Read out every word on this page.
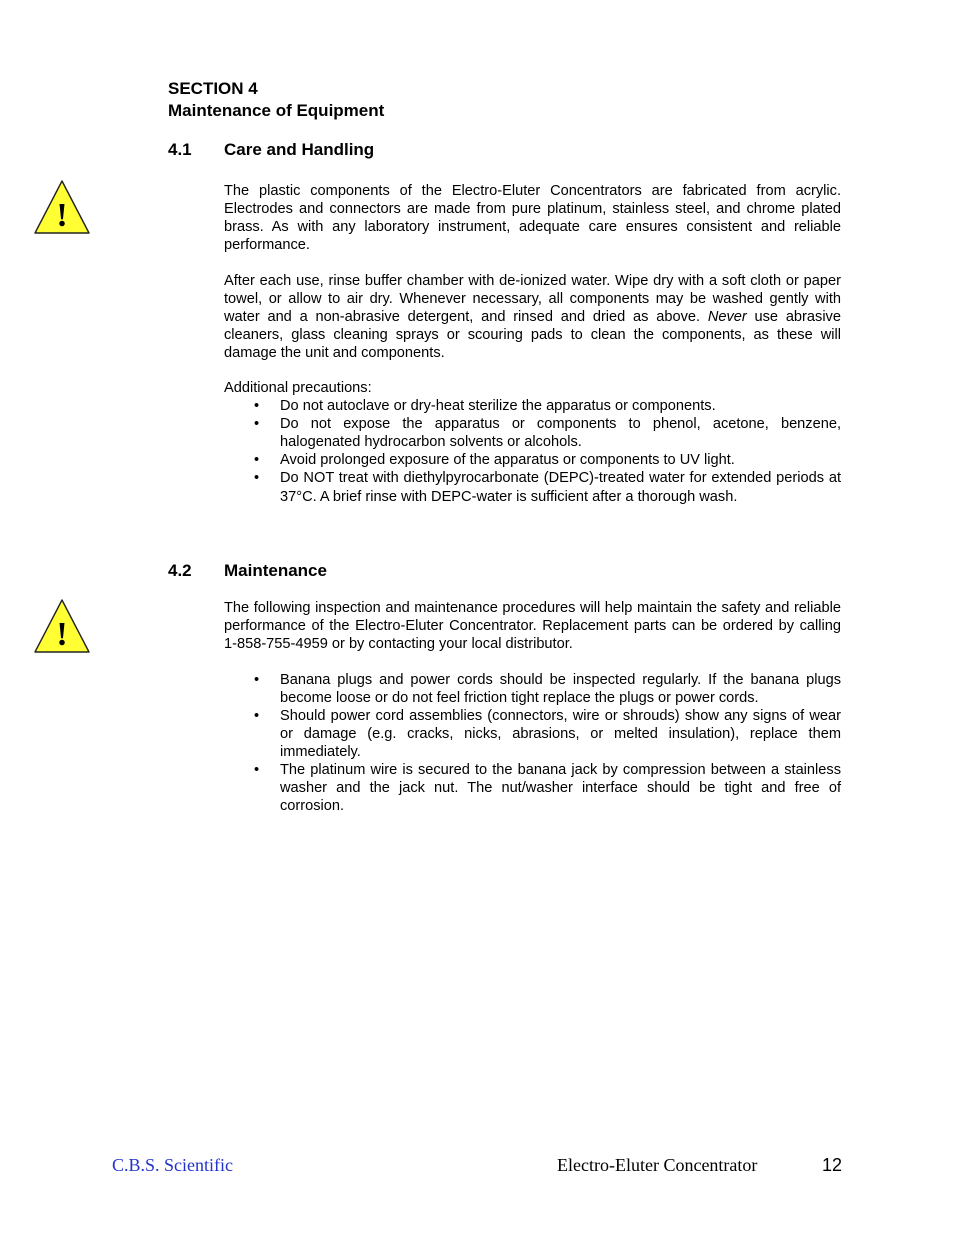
SECTION 4
Maintenance of Equipment
4.1 Care and Handling
!

The plastic components of the Electro-Eluter Concentrators are fabricated from acrylic. Electrodes and connectors are made from pure platinum, stainless steel, and chrome plated brass. As with any laboratory instrument, adequate care ensures consistent and reliable performance.

After each use, rinse buffer chamber with de-ionized water. Wipe dry with a soft cloth or paper towel, or allow to air dry. Whenever necessary, all components may be washed gently with water and a non-abrasive detergent, and rinsed and dried as above. Never use abrasive cleaners, glass cleaning sprays or scouring pads to clean the components, as these will damage the unit and components.

Additional precautions:

• Do not autoclave or dry-heat sterilize the apparatus or components.
• Do not expose the apparatus or components to phenol, acetone, benzene, halogenated hydrocarbon solvents or alcohols.
• Avoid prolonged exposure of the apparatus or components to UV light.
• Do NOT treat with diethylpyrocarbonate (DEPC)-treated water for extended periods at 37°C. A brief rinse with DEPC-water is sufficient after a thorough wash.
4.2 Maintenance
!

The following inspection and maintenance procedures will help maintain the safety and reliable performance of the Electro-Eluter Concentrator. Replacement parts can be ordered by calling 1-858-755-4959 or by contacting your local distributor.

• Banana plugs and power cords should be inspected regularly. If the banana plugs become loose or do not feel friction tight replace the plugs or power cords.
• Should power cord assemblies (connectors, wire or shrouds) show any signs of wear or damage (e.g. cracks, nicks, abrasions, or melted insulation), replace them immediately.
• The platinum wire is secured to the banana jack by compression between a stainless washer and the jack nut. The nut/washer interface should be tight and free of corrosion.
C.B.S. Scientific	Electro-Eluter Concentrator	12
